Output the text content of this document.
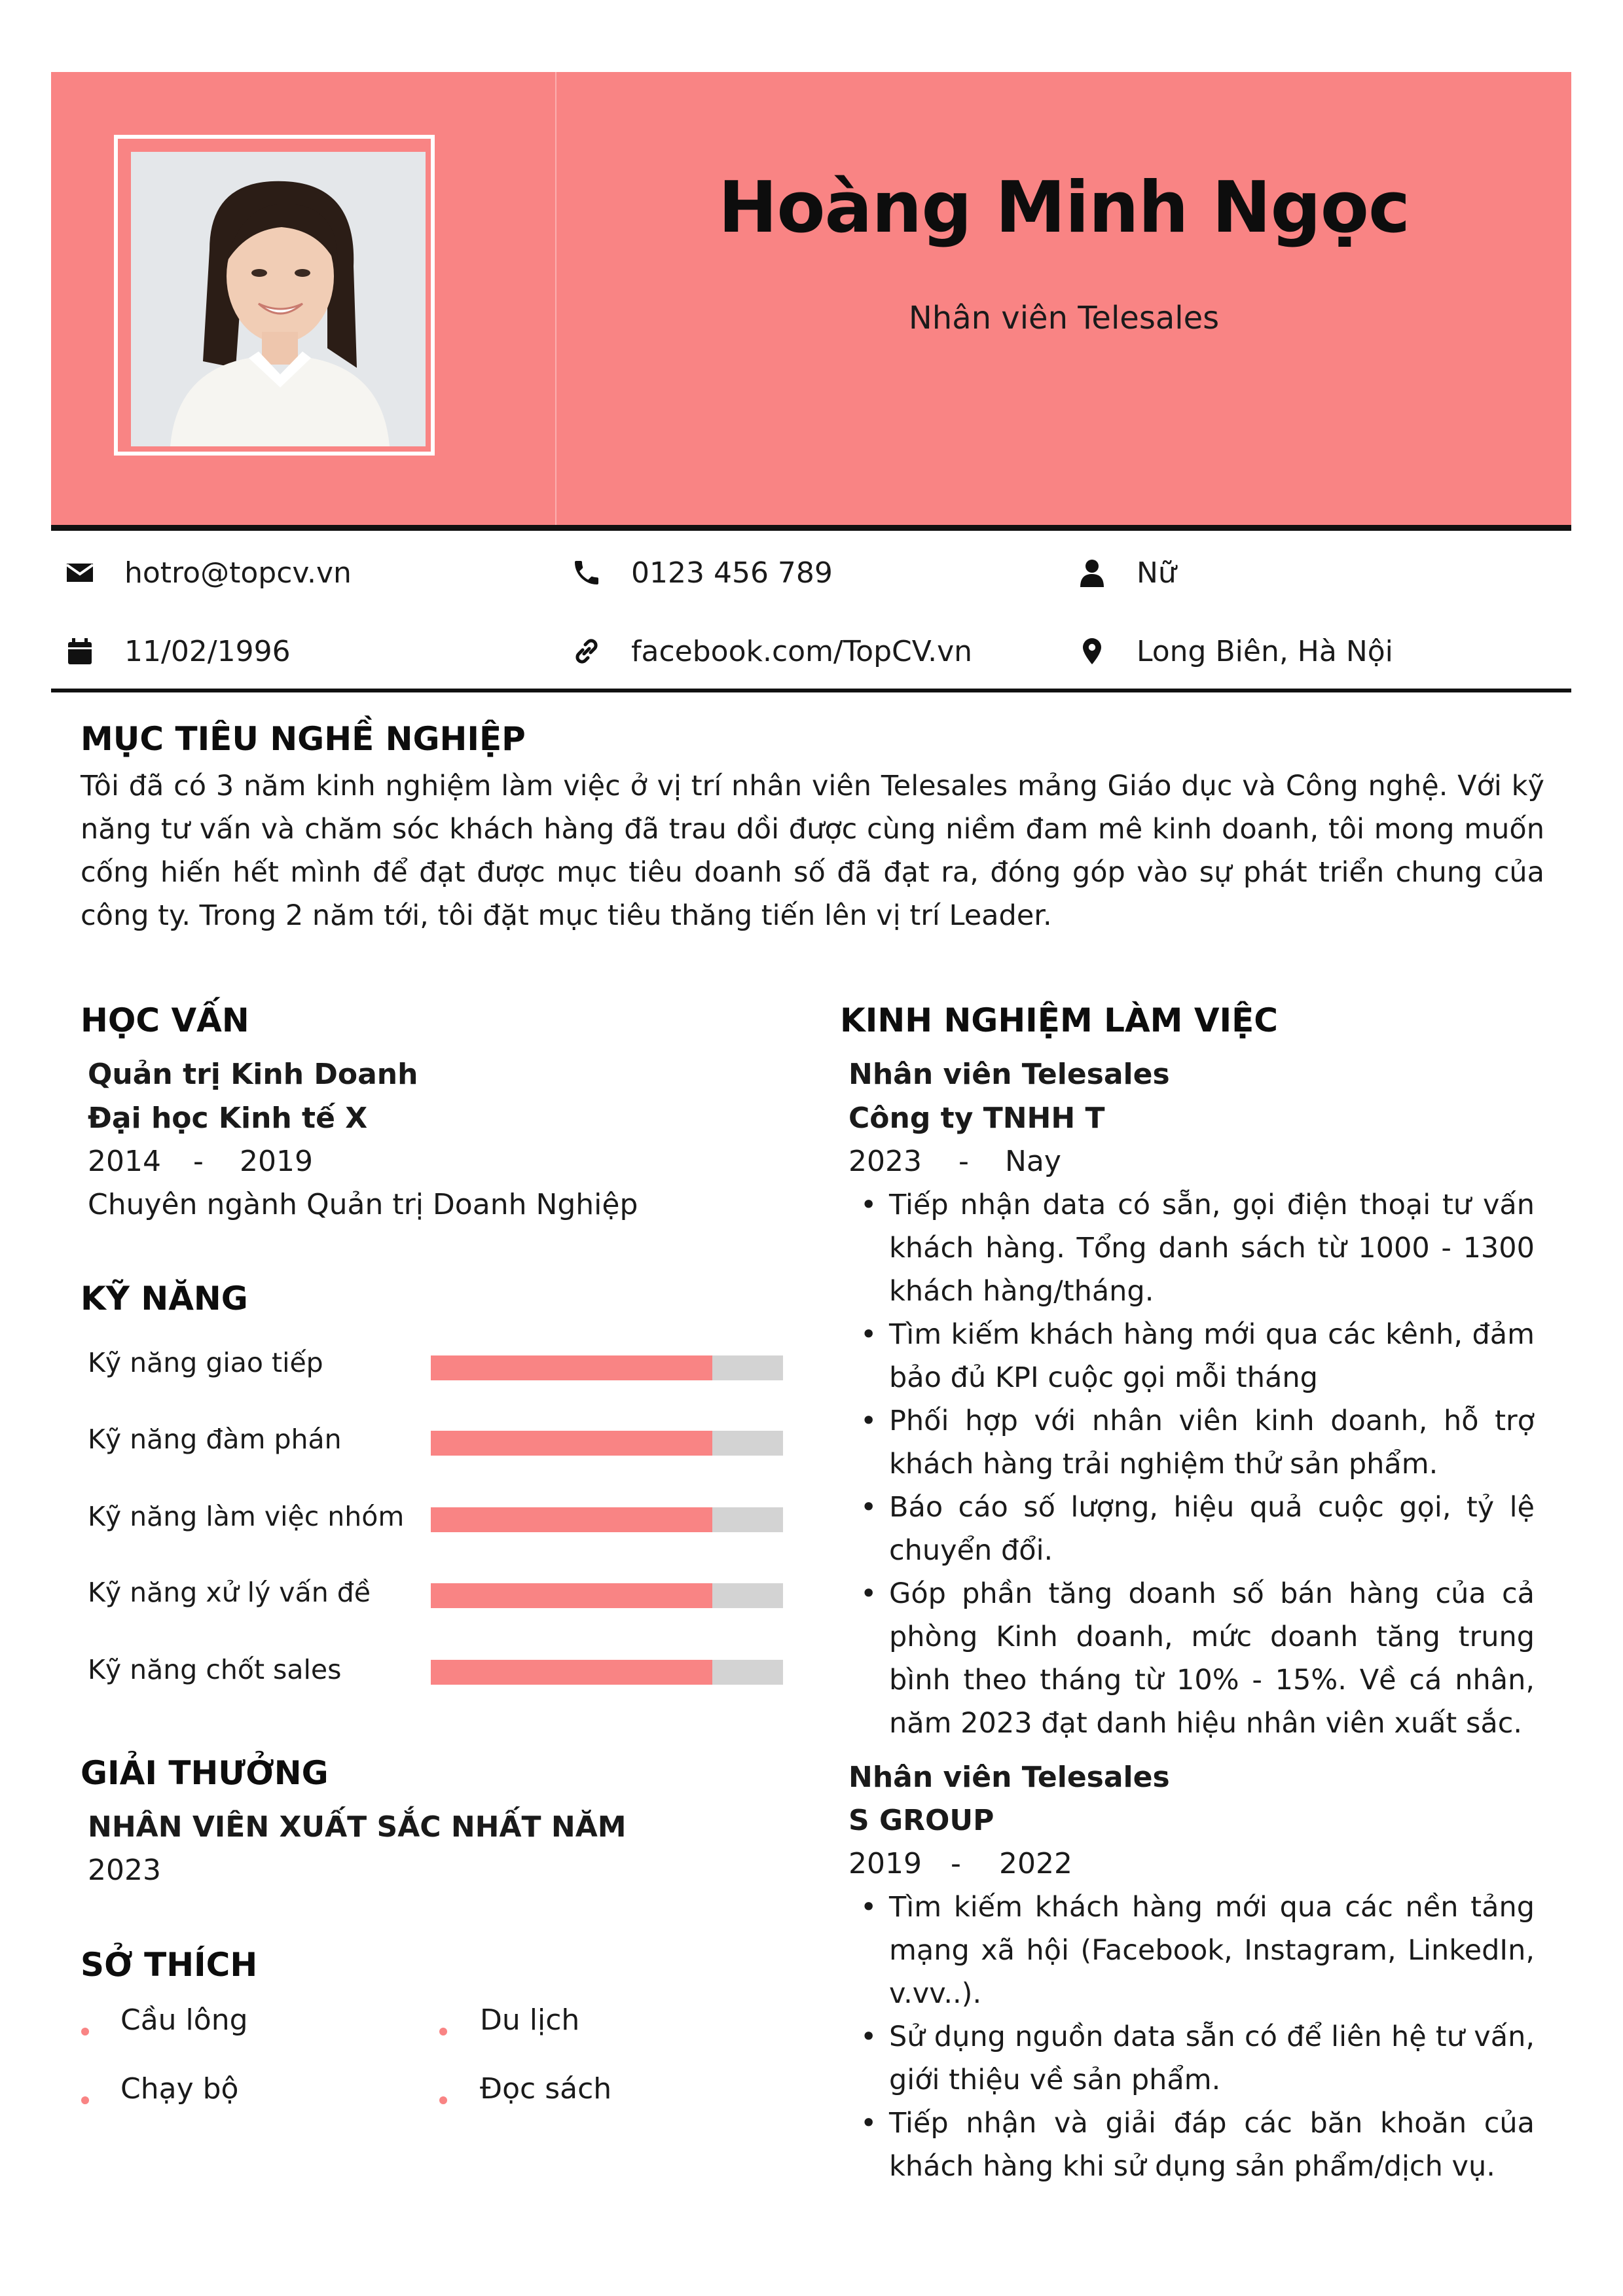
Hoàng Minh Ngọc
Nhân viên Telesales
hotro@topcv.vn	0123 456 789	Nữ
11/02/1996	facebook.com/TopCV.vn	Long Biên, Hà Nội
MỤC TIÊU NGHỀ NGHIỆP
Tôi đã có 3 năm kinh nghiệm làm việc ở vị trí nhân viên Telesales mảng Giáo dục và Công nghệ. Với kỹ năng tư vấn và chăm sóc khách hàng đã trau dồi được cùng niềm đam mê kinh doanh, tôi mong muốn cống hiến hết mình để đạt được mục tiêu doanh số đã đạt ra, đóng góp vào sự phát triển chung của công ty. Trong 2 năm tới, tôi đặt mục tiêu thăng tiến lên vị trí Leader.
HỌC VẤN
Quản trị Kinh Doanh
Đại học Kinh tế X
2014 - 2019
Chuyên ngành Quản trị Doanh Nghiệp
KỸ NĂNG
Kỹ năng giao tiếp
Kỹ năng đàm phán
Kỹ năng làm việc nhóm
Kỹ năng xử lý vấn đề
Kỹ năng chốt sales
GIẢI THƯỞNG
NHÂN VIÊN XUẤT SẮC NHẤT NĂM
2023
SỞ THÍCH
Cầu lông	Du lịch
Chạy bộ	Đọc sách
KINH NGHIỆM LÀM VIỆC
Nhân viên Telesales
Công ty TNHH T
2023 - Nay
• Tiếp nhận data có sẵn, gọi điện thoại tư vấn khách hàng. Tổng danh sách từ 1000 - 1300 khách hàng/tháng.
• Tìm kiếm khách hàng mới qua các kênh, đảm bảo đủ KPI cuộc gọi mỗi tháng
• Phối hợp với nhân viên kinh doanh, hỗ trợ khách hàng trải nghiệm thử sản phẩm.
• Báo cáo số lượng, hiệu quả cuộc gọi, tỷ lệ chuyển đổi.
• Góp phần tăng doanh số bán hàng của cả phòng Kinh doanh, mức doanh tăng trung bình theo tháng từ 10% - 15%. Về cá nhân, năm 2023 đạt danh hiệu nhân viên xuất sắc.
Nhân viên Telesales
S GROUP
2019 - 2022
• Tìm kiếm khách hàng mới qua các nền tảng mạng xã hội (Facebook, Instagram, LinkedIn, v.vv..).
• Sử dụng nguồn data sẵn có để liên hệ tư vấn, giới thiệu về sản phẩm.
• Tiếp nhận và giải đáp các băn khoăn của khách hàng khi sử dụng sản phẩm/dịch vụ.
